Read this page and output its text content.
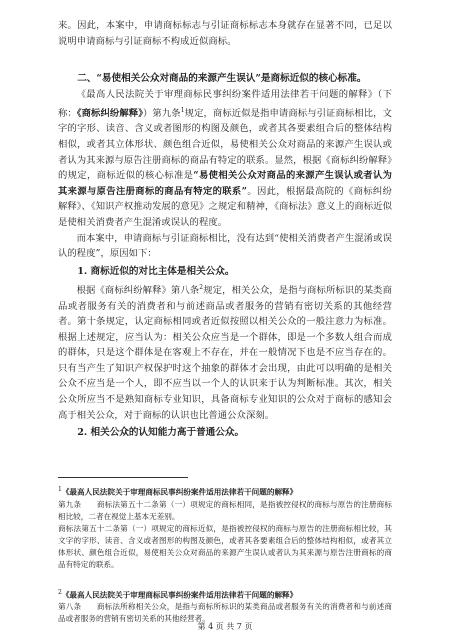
来。因此，本案中，申请商标标志与引证商标标志本身就存在显著不同，已足以说明申请商标与引证商标不构成近似商标。

二、“易使相关公众对商品的来源产生误认”是商标近似的核心标准。

《最高人民法院关于审理商标民事纠纷案件适用法律若干问题的解释》（下称：《商标纠纷解释》）第九条$^1$规定，商标近似是指申请商标与引证商标相比，文字的字形、读音、含义或者图形的构图及颜色，或者其各要素组合后的整体结构相似，或者其立体形状、颜色组合近似，易使相关公众对商品的来源产生误认或者认为其来源与原告注册商标的商品有特定的联系。显然，根据《商标纠纷解释》的规定，商标近似的核心标准是“易使相关公众对商品的来源产生误认或者认为其来源与原告注册商标的商品有特定的联系”。因此，根据最高院的《商标纠纷解释》、《知识产权推动发展的意见》之规定和精神，《商标法》意义上的商标近似是使相关消费者产生混淆或误认的程度。

而本案中，申请商标与引证商标相比，没有达到“使相关消费者产生混淆或误认的程度”，原因如下：

1. 商标近似的对比主体是相关公众。

根据《商标纠纷解释》第八条$^2$规定，相关公众，是指与商标所标识的某类商品或者服务有关的消费者和与前述商品或者服务的营销有密切关系的其他经营者。第十条规定，认定商标相同或者近似按照以相关公众的一般注意力为标准。根据上述规定，应当认为：相关公众应当是一个群体，即是一个多数人组合而成的群体，只是这个群体是在客观上不存在，并在一般情况下也是不应当存在的。只有当产生了知识产权保护时这个抽象的群体才会出现，由此可以明确的是相关公众不应当是一个人，即不应当以一个人的认识来于认为判断标准。其次，相关公众所应当不是熟知商标专业知识，具备商标专业知识的公众对于商标的感知会高于相关公众，对于商标的认识也比普通公众深刻。

2. 相关公众的认知能力高于普通公众。

$^1$《最高人民法院关于审理商标民事纠纷案件适用法律若干问题的解释》
第九条　　商标法第五十二条第（一）项规定的商标相同，是指被控侵权的商标与原告的注册商标相比较，二者在视觉上基本无差别。
商标法第五十二条第（一）项规定的商标近似，是指被控侵权的商标与原告的注册商标相比较，其文字的字形、读音、含义或者图形的构图及颜色，或者其各要素组合后的整体结构相似，或者其立体形状、颜色组合近似，易使相关公众对商品的来源产生误认或者认为其来源与原告注册商标的商品有特定的联系。
$^2$《最高人民法院关于审理商标民事纠纷案件适用法律若干问题的解释》
第八条　　商标法所称相关公众，是指与商标所标识的某类商品或者服务有关的消费者和与前述商品或者服务的营销有密切关系的其他经营者。
第 4 页 共 7 页
